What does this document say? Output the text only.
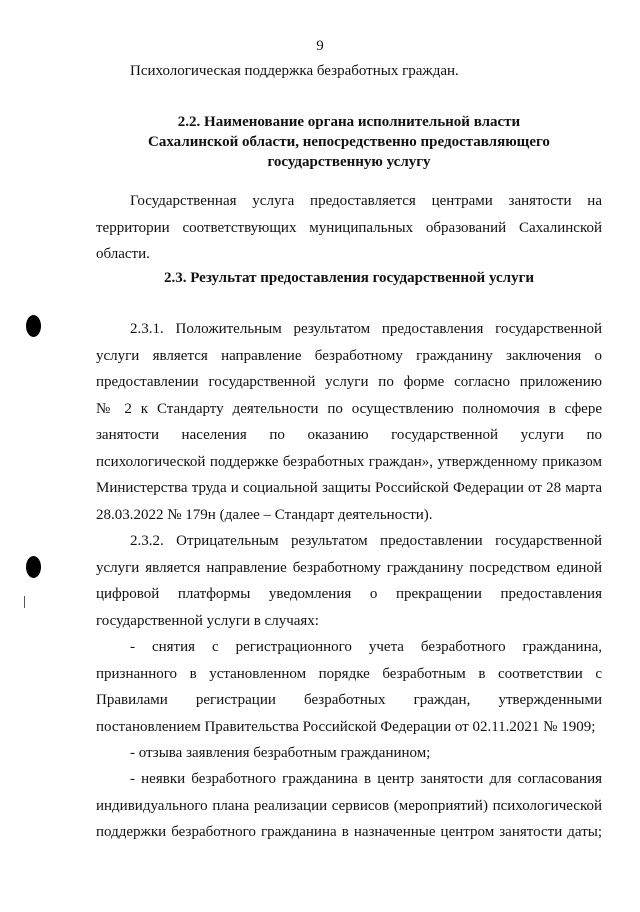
9
Психологическая поддержка безработных граждан.
2.2. Наименование органа исполнительной власти
Сахалинской области, непосредственно предоставляющего
государственную услугу
Государственная услуга предоставляется центрами занятости на
территории соответствующих муниципальных образований Сахалинской
области.
2.3. Результат предоставления государственной услуги
2.3.1. Положительным результатом предоставления государственной
услуги является направление безработному гражданину заключения о
предоставлении государственной услуги по форме согласно приложению
№ 2 к Стандарту деятельности по осуществлению полномочия в сфере
занятости населения по оказанию государственной услуги по
психологической поддержке безработных граждан», утвержденному приказом
Министерства труда и социальной защиты Российской Федерации от 28 марта
28.03.2022 № 179н (далее – Стандарт деятельности).
2.3.2. Отрицательным результатом предоставлении государственной
услуги является направление безработному гражданину посредством единой
цифровой платформы уведомления о прекращении предоставления
государственной услуги в случаях:
- снятия с регистрационного учета безработного гражданина,
признанного в установленном порядке безработным в соответствии с
Правилами регистрации безработных граждан, утвержденными
постановлением Правительства Российской Федерации от 02.11.2021 № 1909;
- отзыва заявления безработным гражданином;
- неявки безработного гражданина в центр занятости для согласования
индивидуального плана реализации сервисов (мероприятий) психологической
поддержки безработного гражданина в назначенные центром занятости даты;
